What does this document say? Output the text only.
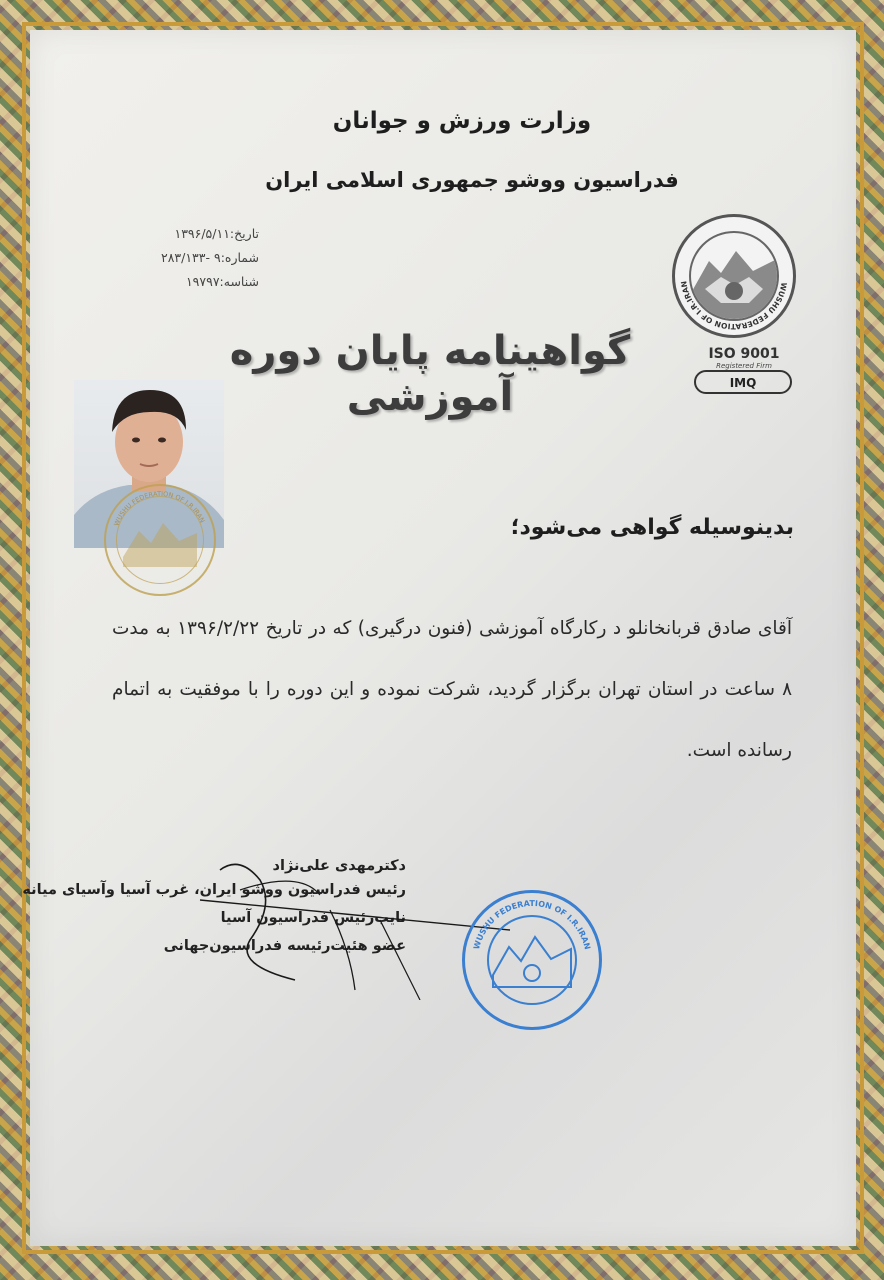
وزارت ورزش و جوانان
فدراسیون ووشو جمهوری اسلامی ایران
تاریخ:۱۳۹۶/۵/۱۱
شماره:۹ -۲۸۳/۱۳۳
شناسه:۱۹۷۹۷	WUSHU FEDERATION OF I.R.IRAN
ISO 9001
Registered Firm
IMQ
گواهینامه پایان دوره آموزشی
WUSHU FEDERATION OF I.R.IRAN	بدینوسیله گواهی می‌شود؛
آقای صادق قربانخانلو د رکارگاه آموزشی (فنون درگیری) که در تاریخ ۱۳۹۶/۲/۲۲ به مدت ۸ ساعت در استان تهران برگزار گردید، شرکت نموده و این دوره را با موفقیت به اتمام رسانده است.
دکترمهدی علی‌نژاد
رئیس فدراسیون ووشو ایران، غرب آسیا وآسیای میانه
نایب‌رئیس فدراسیون آسیا
عضو هئیت‌رئیسه فدراسیون‌جهانی	WUSHU FEDERATION OF I.R.IRAN
